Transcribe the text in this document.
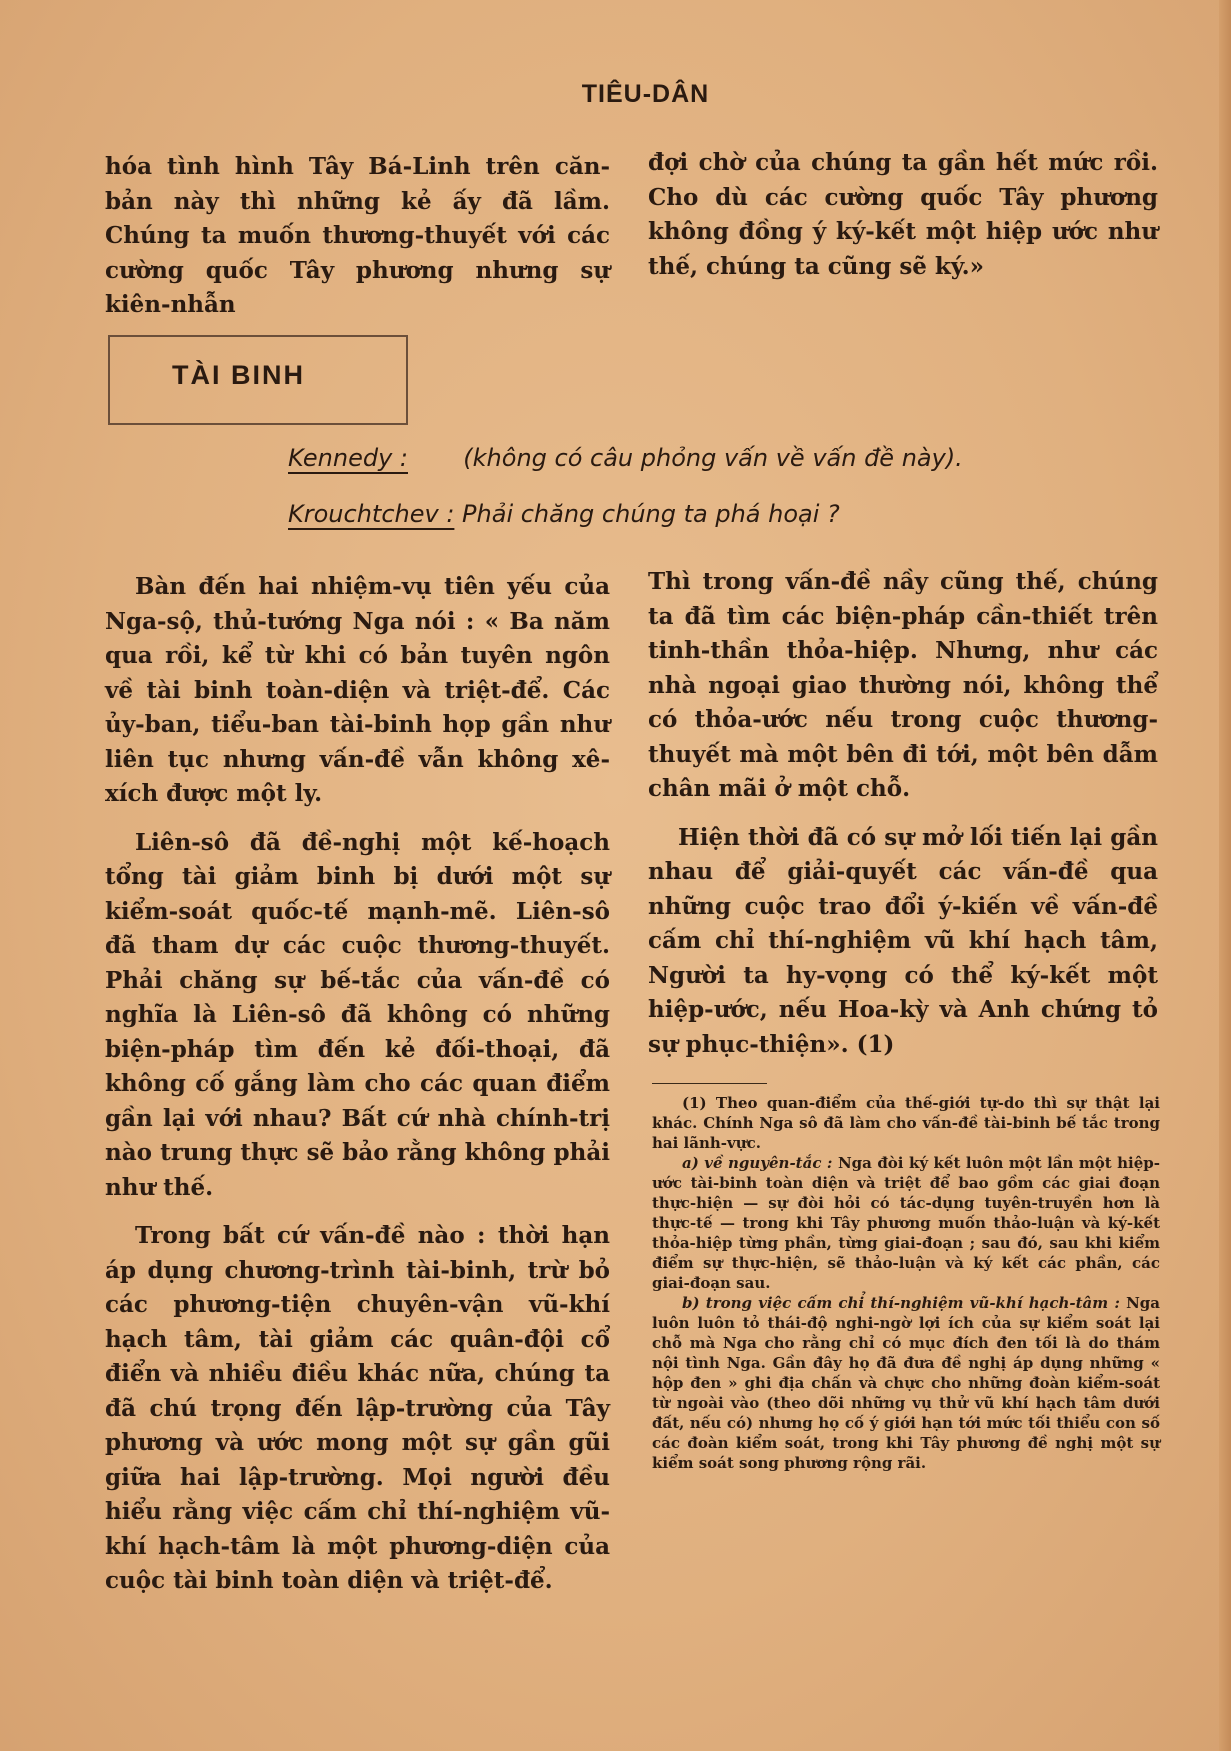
TIÊU-DÂN

hóa tình hình Tây Bá-Linh trên căn-bản này thì những kẻ ấy đã lầm. Chúng ta muốn thương-thuyết với các cường quốc Tây phương nhưng sự kiên-nhẫn

đợi chờ của chúng ta gần hết mức rồi. Cho dù các cường quốc Tây phương không đồng ý ký-kết một hiệp ước như thế, chúng ta cũng sẽ ký.»

TÀI BINH
Kennedy : (không có câu phỏng vấn về vấn đề này).
Krouchtchev : Phải chăng chúng ta phá hoại ?

Bàn đến hai nhiệm-vụ tiên yếu của Nga-sộ, thủ-tướng Nga nói : « Ba năm qua rồi, kể từ khi có bản tuyên ngôn về tài binh toàn-diện và triệt-để. Các ủy-ban, tiểu-ban tài-binh họp gần như liên tục nhưng vấn-đề vẫn không xê-xích được một ly.

Liên-sô đã đề-nghị một kế-hoạch tổng tài giảm binh bị dưới một sự kiểm-soát quốc-tế mạnh-mẽ. Liên-sô đã tham dự các cuộc thương-thuyết. Phải chăng sự bế-tắc của vấn-đề có nghĩa là Liên-sô đã không có những biện-pháp tìm đến kẻ đối-thoại, đã không cố gắng làm cho các quan điểm gần lại với nhau? Bất cứ nhà chính-trị nào trung thực sẽ bảo rằng không phải như thế.

Trong bất cứ vấn-đề nào : thời hạn áp dụng chương-trình tài-binh, trừ bỏ các phương-tiện chuyên-vận vũ-khí hạch tâm, tài giảm các quân-đội cổ điển và nhiều điều khác nữa, chúng ta đã chú trọng đến lập-trường của Tây phương và ước mong một sự gần gũi giữa hai lập-trường. Mọi người đều hiểu rằng việc cấm chỉ thí-nghiệm vũ-khí hạch-tâm là một phương-diện của cuộc tài binh toàn diện và triệt-để.

Thì trong vấn-đề nầy cũng thế, chúng ta đã tìm các biện-pháp cần-thiết trên tinh-thần thỏa-hiệp. Nhưng, như các nhà ngoại giao thường nói, không thể có thỏa-ước nếu trong cuộc thương-thuyết mà một bên đi tới, một bên dẫm chân mãi ở một chỗ.

Hiện thời đã có sự mở lối tiến lại gần nhau để giải-quyết các vấn-đề qua những cuộc trao đổi ý-kiến về vấn-đề cấm chỉ thí-nghiệm vũ khí hạch tâm, Người ta hy-vọng có thể ký-kết một hiệp-ước, nếu Hoa-kỳ và Anh chứng tỏ sự phục-thiện». (1)

(1) Theo quan-điểm của thế-giới tự-do thì sự thật lại khác. Chính Nga sô đã làm cho vấn-đề tài-binh bế tắc trong hai lãnh-vực.

a) về nguyên-tắc : Nga đòi ký kết luôn một lần một hiệp-ước tài-binh toàn diện và triệt để bao gồm các giai đoạn thực-hiện — sự đòi hỏi có tác-dụng tuyên-truyền hơn là thực-tế — trong khi Tây phương muốn thảo-luận và ký-kết thỏa-hiệp từng phần, từng giai-đoạn ; sau đó, sau khi kiểm điểm sự thực-hiện, sẽ thảo-luận và ký kết các phần, các giai-đoạn sau.

b) trong việc cấm chỉ thí-nghiệm vũ-khí hạch-tâm : Nga luôn luôn tỏ thái-độ nghi-ngờ lợi ích của sự kiểm soát lại chỗ mà Nga cho rằng chỉ có mục đích đen tối là do thám nội tình Nga. Gần đây họ đã đưa đề nghị áp dụng những « hộp đen » ghi địa chấn và chực cho những đoàn kiểm-soát từ ngoài vào (theo dõi những vụ thử vũ khí hạch tâm dưới đất, nếu có) nhưng họ cố ý giới hạn tới mức tối thiểu con số các đoàn kiểm soát, trong khi Tây phương đề nghị một sự kiểm soát song phương rộng rãi.
